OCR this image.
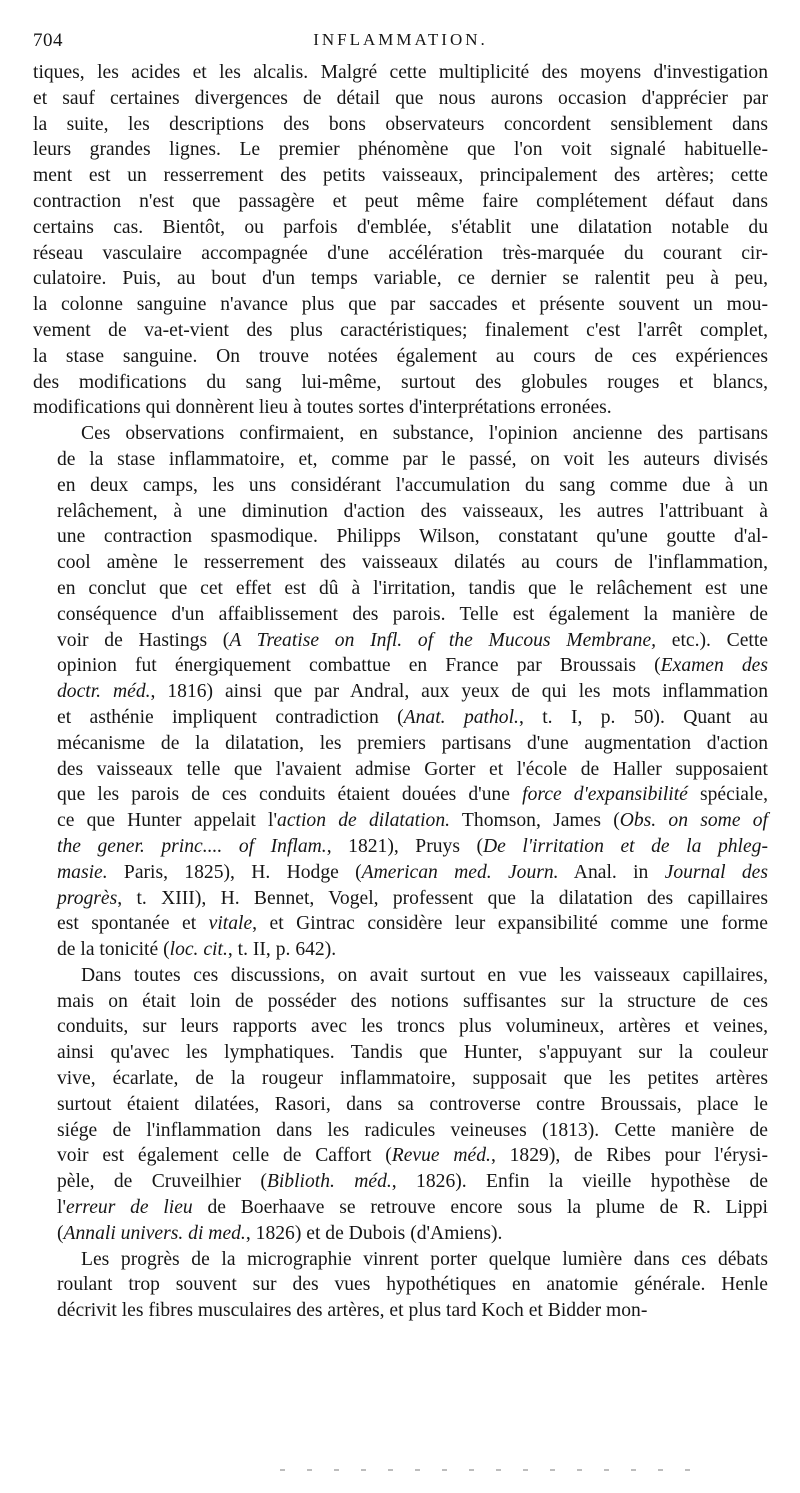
704	INFLAMMATION.
tiques, les acides et les alcalis. Malgré cette multiplicité des moyens d'investigation
et sauf certaines divergences de détail que nous aurons occasion d'apprécier par
la suite, les descriptions des bons observateurs concordent sensiblement dans
leurs grandes lignes. Le premier phénomène que l'on voit signalé habituelle-
ment est un resserrement des petits vaisseaux, principalement des artères; cette
contraction n'est que passagère et peut même faire complétement défaut dans
certains cas. Bientôt, ou parfois d'emblée, s'établit une dilatation notable du
réseau vasculaire accompagnée d'une accélération très-marquée du courant cir-
culatoire. Puis, au bout d'un temps variable, ce dernier se ralentit peu à peu,
la colonne sanguine n'avance plus que par saccades et présente souvent un mou-
vement de va-et-vient des plus caractéristiques; finalement c'est l'arrêt complet,
la stase sanguine. On trouve notées également au cours de ces expériences
des modifications du sang lui-même, surtout des globules rouges et blancs,
modifications qui donnèrent lieu à toutes sortes d'interprétations erronées.
Ces observations confirmaient, en substance, l'opinion ancienne des partisans
de la stase inflammatoire, et, comme par le passé, on voit les auteurs divisés
en deux camps, les uns considérant l'accumulation du sang comme due à un
relâchement, à une diminution d'action des vaisseaux, les autres l'attribuant à
une contraction spasmodique. Philipps Wilson, constatant qu'une goutte d'al-
cool amène le resserrement des vaisseaux dilatés au cours de l'inflammation,
en conclut que cet effet est dû à l'irritation, tandis que le relâchement est une
conséquence d'un affaiblissement des parois. Telle est également la manière de
voir de Hastings (A Treatise on Infl. of the Mucous Membrane, etc.). Cette
opinion fut énergiquement combattue en France par Broussais (Examen des
doctr. méd., 1816) ainsi que par Andral, aux yeux de qui les mots inflammation
et asthénie impliquent contradiction (Anat. pathol., t. I, p. 50). Quant au
mécanisme de la dilatation, les premiers partisans d'une augmentation d'action
des vaisseaux telle que l'avaient admise Gorter et l'école de Haller supposaient
que les parois de ces conduits étaient douées d'une force d'expansibilité spéciale,
ce que Hunter appelait l'action de dilatation. Thomson, James (Obs. on some of
the gener. princ.... of Inflam., 1821), Pruys (De l'irritation et de la phleg-
masie. Paris, 1825), H. Hodge (American med. Journ. Anal. in Journal des
progrès, t. XIII), H. Bennet, Vogel, professent que la dilatation des capillaires
est spontanée et vitale, et Gintrac considère leur expansibilité comme une forme
de la tonicité (loc. cit., t. II, p. 642).
Dans toutes ces discussions, on avait surtout en vue les vaisseaux capillaires,
mais on était loin de posséder des notions suffisantes sur la structure de ces
conduits, sur leurs rapports avec les troncs plus volumineux, artères et veines,
ainsi qu'avec les lymphatiques. Tandis que Hunter, s'appuyant sur la couleur
vive, écarlate, de la rougeur inflammatoire, supposait que les petites artères
surtout étaient dilatées, Rasori, dans sa controverse contre Broussais, place le
siége de l'inflammation dans les radicules veineuses (1813). Cette manière de
voir est également celle de Caffort (Revue méd., 1829), de Ribes pour l'érysi-
pèle, de Cruveilhier (Biblioth. méd., 1826). Enfin la vieille hypothèse de
l'erreur de lieu de Boerhaave se retrouve encore sous la plume de R. Lippi
(Annali univers. di med., 1826) et de Dubois (d'Amiens).
Les progrès de la micrographie vinrent porter quelque lumière dans ces débats
roulant trop souvent sur des vues hypothétiques en anatomie générale. Henle
décrivit les fibres musculaires des artères, et plus tard Koch et Bidder mon-
